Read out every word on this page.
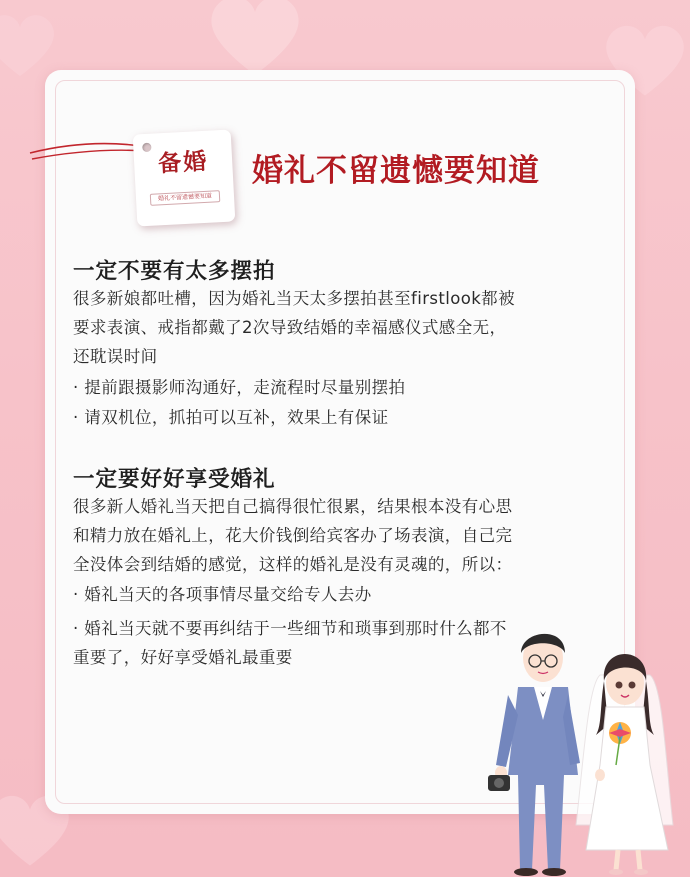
备婚
婚礼不留遗憾要知道
婚礼不留遗憾要知道
一定不要有太多摆拍
很多新娘都吐槽，因为婚礼当天太多摆拍甚至firstlook都被
要求表演、戒指都戴了2次导致结婚的幸福感仪式感全无，
还耽误时间
· 提前跟摄影师沟通好，走流程时尽量别摆拍
· 请双机位，抓拍可以互补，效果上有保证
一定要好好享受婚礼
很多新人婚礼当天把自己搞得很忙很累，结果根本没有心思
和精力放在婚礼上，花大价钱倒给宾客办了场表演，自己完
全没体会到结婚的感觉，这样的婚礼是没有灵魂的，所以：
· 婚礼当天的各项事情尽量交给专人去办
· 婚礼当天就不要再纠结于一些细节和琐事到那时什么都不
重要了，好好享受婚礼最重要
